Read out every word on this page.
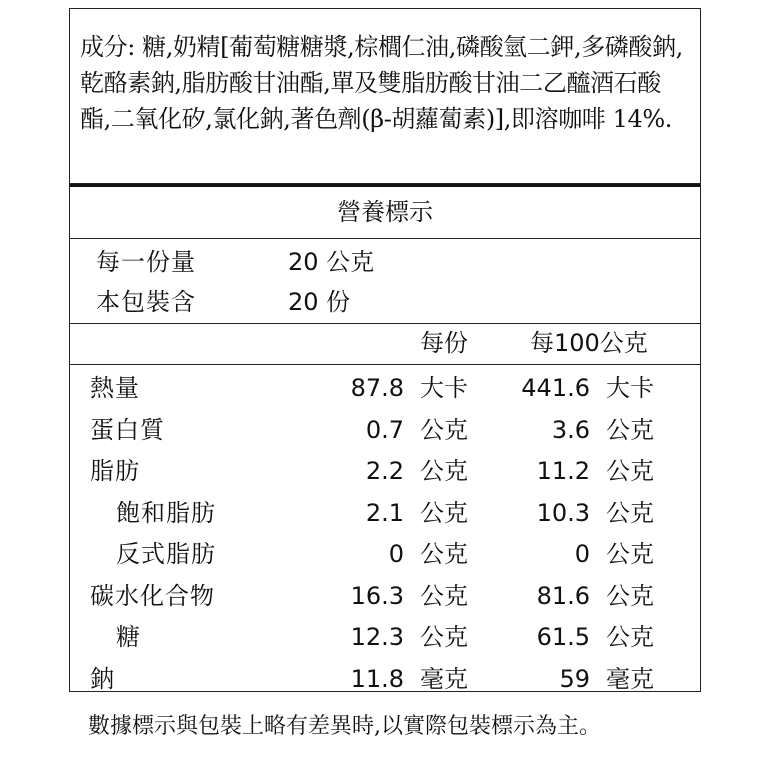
成分: 糖,奶精[葡萄糖糖漿,棕櫚仁油,磷酸氫二鉀,多磷酸鈉,乾酪素鈉,脂肪酸甘油酯,單及雙脂肪酸甘油二乙醯酒石酸酯,二氧化矽,氯化鈉,著色劑(β-胡蘿蔔素)],即溶咖啡 14%.
營養標示
每一份量	20 公克
本包裝含	20 份
每份	每100公克
熱量	87.8 大卡 441.6 大卡
蛋白質	0.7 公克	3.6 公克
脂肪	2.2 公克	11.2 公克
飽和脂肪	2.1 公克	10.3 公克
反式脂肪	0 公克	0 公克
碳水化合物	16.3 公克	81.6 公克
糖	12.3 公克	61.5 公克
鈉	11.8 毫克	59 毫克
數據標示與包裝上略有差異時,以實際包裝標示為主。
